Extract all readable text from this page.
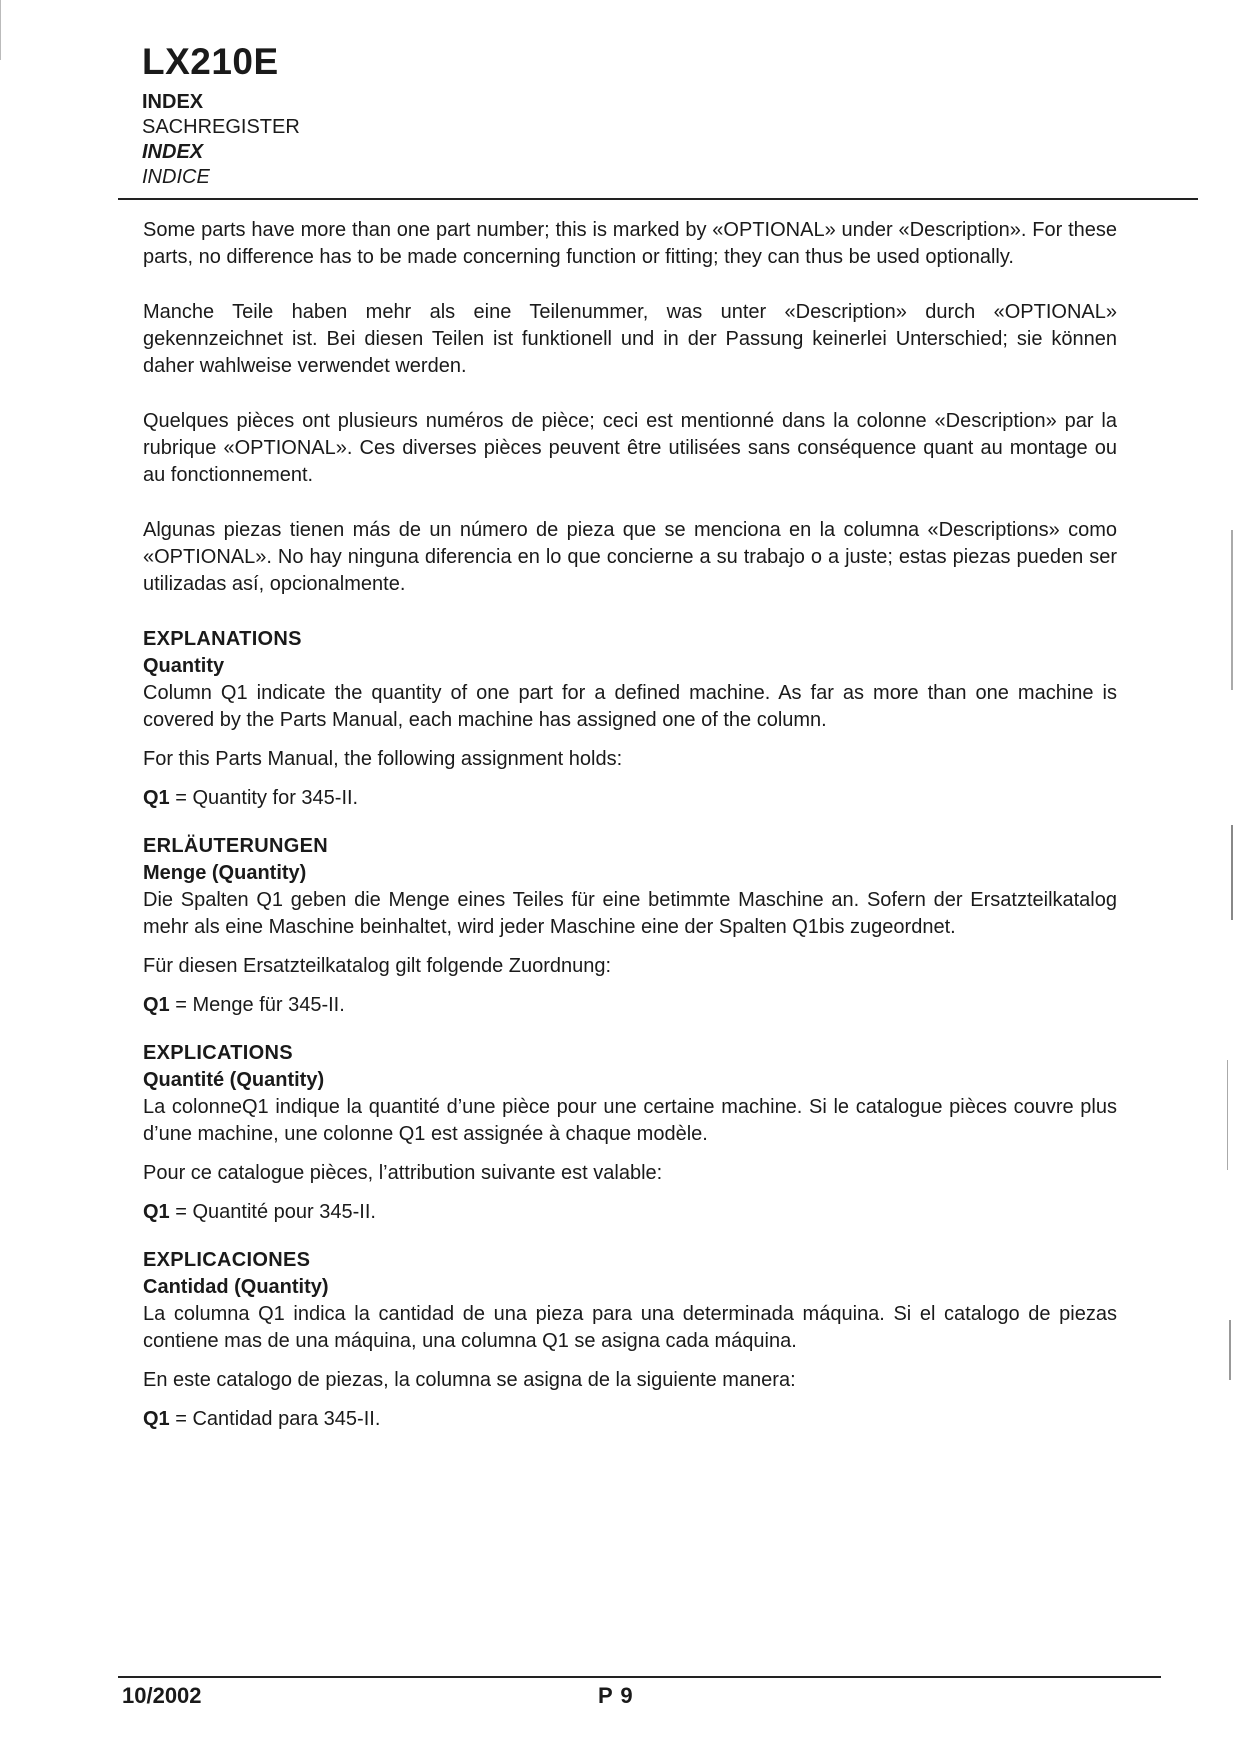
LX210E
INDEX
SACHREGISTER
INDEX
INDICE

Some parts have more than one part number; this is marked by «OPTIONAL» under «Description». For these parts, no difference has to be made concerning function or fitting; they can thus be used optionally.

Manche Teile haben mehr als eine Teilenummer, was unter «Description» durch «OPTIONAL» gekennzeichnet ist. Bei diesen Teilen ist funktionell und in der Passung keinerlei Unterschied; sie können daher wahlweise verwendet werden.

Quelques pièces ont plusieurs numéros de pièce; ceci est mentionné dans la colonne «Description» par la rubrique «OPTIONAL». Ces diverses pièces peuvent être utilisées sans conséquence quant au montage ou au fonctionnement.

Algunas piezas tienen más de un número de pieza que se menciona en la columna «Descriptions» como «OPTIONAL». No hay ninguna diferencia en lo que concierne a su trabajo o a juste; estas piezas pueden ser utilizadas así, opcionalmente.

EXPLANATIONS
Quantity

Column Q1 indicate the quantity of one part for a defined machine. As far as more than one machine is covered by the Parts Manual, each machine has assigned one of the column.

For this Parts Manual, the following assignment holds:

Q1 = Quantity for 345-II.

ERLÄUTERUNGEN
Menge (Quantity)

Die Spalten Q1 geben die Menge eines Teiles für eine betimmte Maschine an. Sofern der Ersatzteilkatalog mehr als eine Maschine beinhaltet, wird jeder Maschine eine der Spalten Q1bis zugeordnet.

Für diesen Ersatzteilkatalog gilt folgende Zuordnung:

Q1 = Menge für 345-II.

EXPLICATIONS
Quantité (Quantity)

La colonneQ1 indique la quantité d’une pièce pour une certaine machine. Si le catalogue pièces couvre plus d’une machine, une colonne Q1 est assignée à chaque modèle.

Pour ce catalogue pièces, l’attribution suivante est valable:

Q1 = Quantité pour 345-II.

EXPLICACIONES
Cantidad (Quantity)

La columna Q1 indica la cantidad de una pieza para una determinada máquina. Si el catalogo de piezas contiene mas de una máquina, una columna Q1 se asigna cada máquina.

En este catalogo de piezas, la columna se asigna de la siguiente manera:

Q1 = Cantidad para 345-II.

10/2002	P 9
